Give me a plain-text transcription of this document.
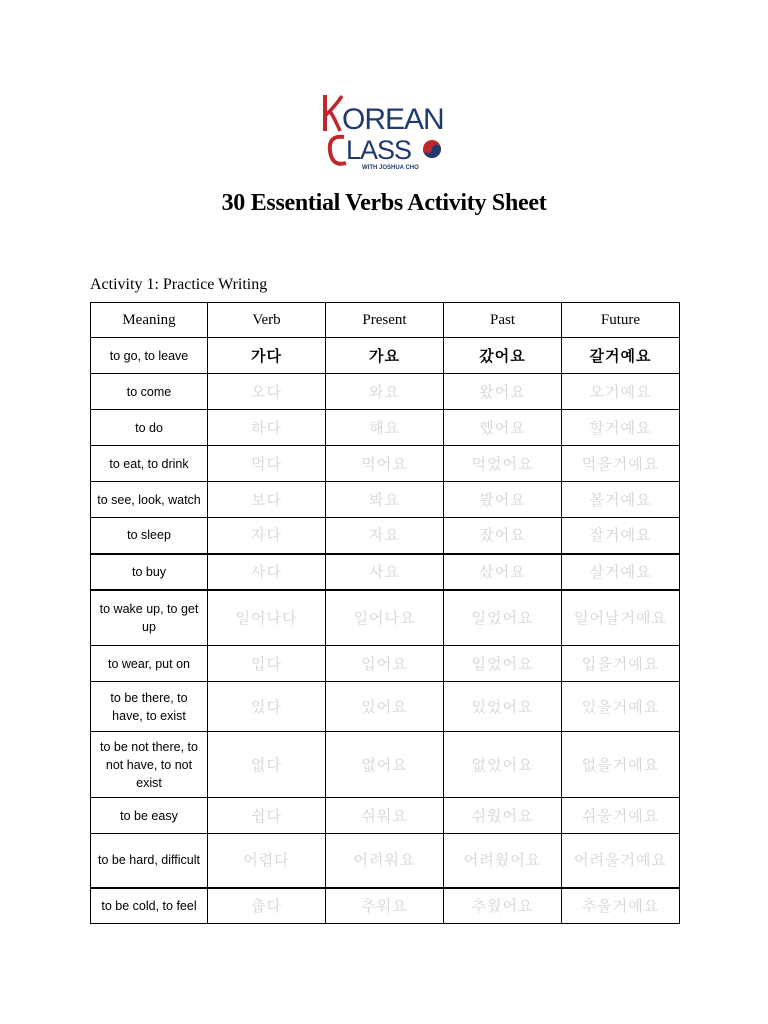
OREAN
LASS
WITH JOSHUA CHO
30 Essential Verbs Activity Sheet
Activity 1: Practice Writing
Meaning	Verb	Present	Past	Future
to go, to leave	가다	가요	갔어요	갈거예요
to come	오다	와요	왔어요	오거예요
to do	하다	해요	했어요	할거예요
to eat, to drink	먹다	먹어요	먹었어요	먹을거예요
to see, look, watch	보다	봐요	봤어요	볼거예요
to sleep	자다	자요	잤어요	잘거예요
to buy	사다	사요	샀어요	살거예요
to wake up, to get up	일어나다	일어나요	일었어요	일어날거예요
to wear, put on	입다	입어요	입었어요	입을거예요
to be there, to have, to exist	있다	있어요	있었어요	있을거예요
to be not there, to not have, to not exist	없다	없어요	없었어요	없을거예요
to be easy	쉽다	쉬워요	쉬웠어요	쉬울거예요
to be hard, difficult	어렵다	어려워요	어려웠어요	어려울거예요
to be cold, to feel	춥다	추워요	추웠어요	추울거예요
